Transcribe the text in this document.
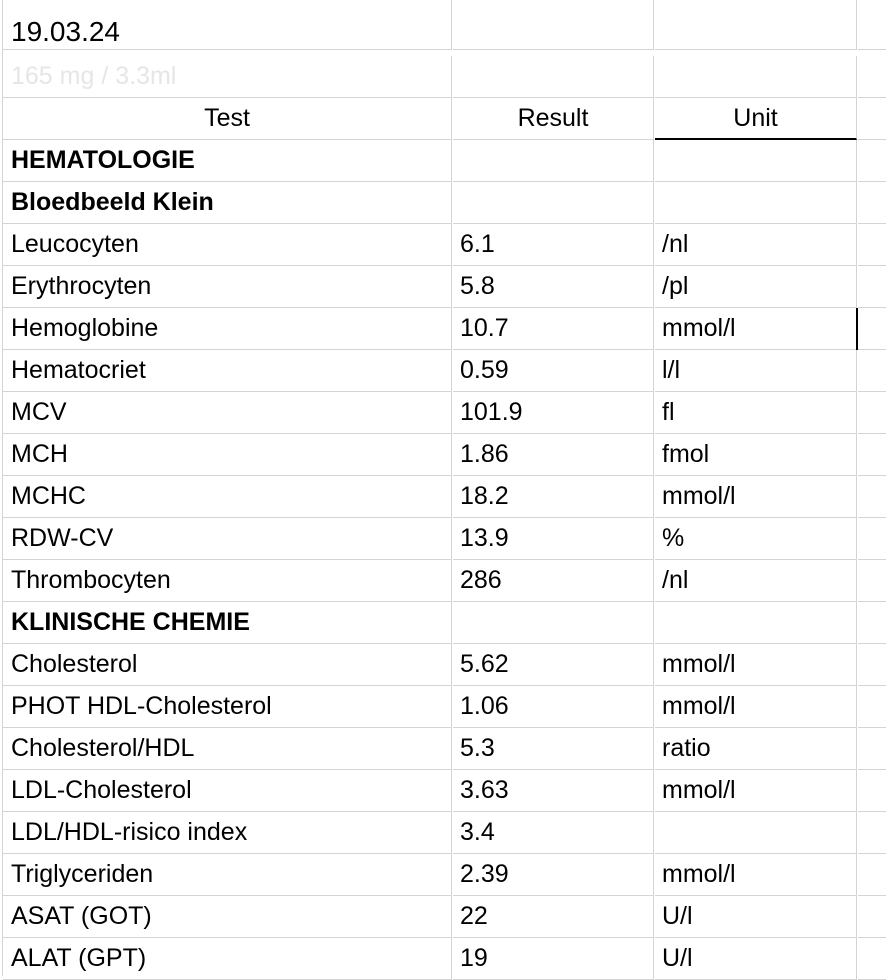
19.03.24
165 mg / 3.3ml
Test	Result	Unit
HEMATOLOGIE
Bloedbeeld Klein
Leucocyten	6.1	/nl
Erythrocyten	5.8	/pl
Hemoglobine	10.7	mmol/l
Hematocriet	0.59	l/l
MCV	101.9	fl
MCH	1.86	fmol
MCHC	18.2	mmol/l
RDW-CV	13.9	%
Thrombocyten	286	/nl
KLINISCHE CHEMIE
Cholesterol	5.62	mmol/l
PHOT HDL-Cholesterol	1.06	mmol/l
Cholesterol/HDL	5.3	ratio
LDL-Cholesterol	3.63	mmol/l
LDL/HDL-risico index	3.4
Triglyceriden	2.39	mmol/l
ASAT (GOT)	22	U/l
ALAT (GPT)	19	U/l
